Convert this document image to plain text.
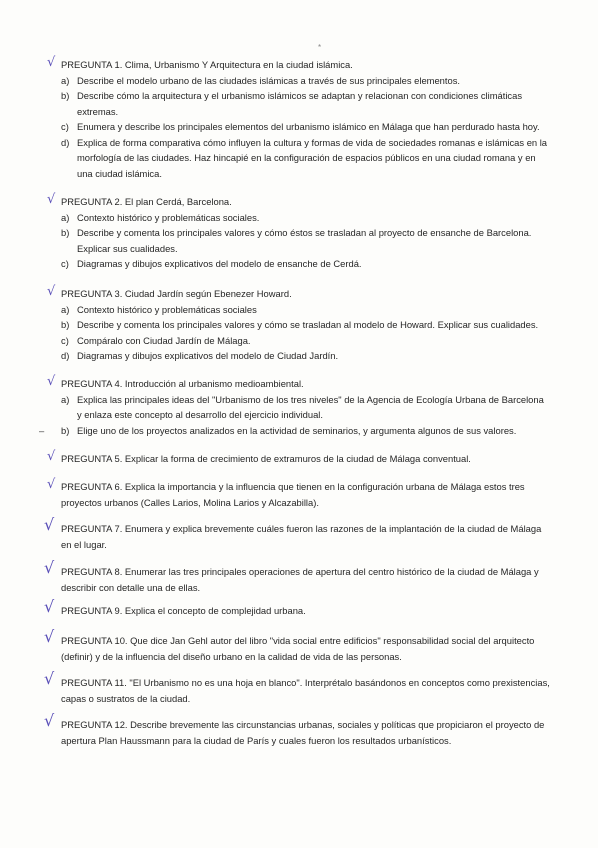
*
√ PREGUNTA 1. Clima, Urbanismo Y Arquitectura en la ciudad islámica.
a) Describe el modelo urbano de las ciudades islámicas a través de sus principales elementos.
b) Describe cómo la arquitectura y el urbanismo islámicos se adaptan y relacionan con condiciones climáticas extremas.
c) Enumera y describe los principales elementos del urbanismo islámico en Málaga que han perdurado hasta hoy.
d) Explica de forma comparativa cómo influyen la cultura y formas de vida de sociedades romanas e islámicas en la morfología de las ciudades. Haz hincapié en la configuración de espacios públicos en una ciudad romana y en una ciudad islámica.
√ PREGUNTA 2. El plan Cerdá, Barcelona.
a) Contexto histórico y problemáticas sociales.
b) Describe y comenta los principales valores y cómo éstos se trasladan al proyecto de ensanche de Barcelona. Explicar sus cualidades.
c) Diagramas y dibujos explicativos del modelo de ensanche de Cerdá.
√ PREGUNTA 3. Ciudad Jardín según Ebenezer Howard.
a) Contexto histórico y problemáticas sociales
b) Describe y comenta los principales valores y cómo se trasladan al modelo de Howard. Explicar sus cualidades.
c) Compáralo con Ciudad Jardín de Málaga.
d) Diagramas y dibujos explicativos del modelo de Ciudad Jardín.
√ PREGUNTA 4. Introducción al urbanismo medioambiental.
a) Explica las principales ideas del "Urbanismo de los tres niveles" de la Agencia de Ecología Urbana de Barcelona y enlaza este concepto al desarrollo del ejercicio individual.
– b) Elige uno de los proyectos analizados en la actividad de seminarios, y argumenta algunos de sus valores.
√ PREGUNTA 5. Explicar la forma de crecimiento de extramuros de la ciudad de Málaga conventual.
√ PREGUNTA 6. Explica la importancia y la influencia que tienen en la configuración urbana de Málaga estos tres proyectos urbanos (Calles Larios, Molina Larios y Alcazabilla).
√ PREGUNTA 7. Enumera y explica brevemente cuáles fueron las razones de la implantación de la ciudad de Málaga en el lugar.
√ PREGUNTA 8. Enumerar las tres principales operaciones de apertura del centro histórico de la ciudad de Málaga y describir con detalle una de ellas.
√ PREGUNTA 9. Explica el concepto de complejidad urbana.
√ PREGUNTA 10. Que dice Jan Gehl autor del libro "vida social entre edificios" responsabilidad social del arquitecto (definir) y de la influencia del diseño urbano en la calidad de vida de las personas.
√ PREGUNTA 11. "El Urbanismo no es una hoja en blanco". Interprétalo basándonos en conceptos como prexistencias, capas o sustratos de la ciudad.
√ PREGUNTA 12. Describe brevemente las circunstancias urbanas, sociales y políticas que propiciaron el proyecto de apertura Plan Haussmann para la ciudad de París y cuales fueron los resultados urbanísticos.
